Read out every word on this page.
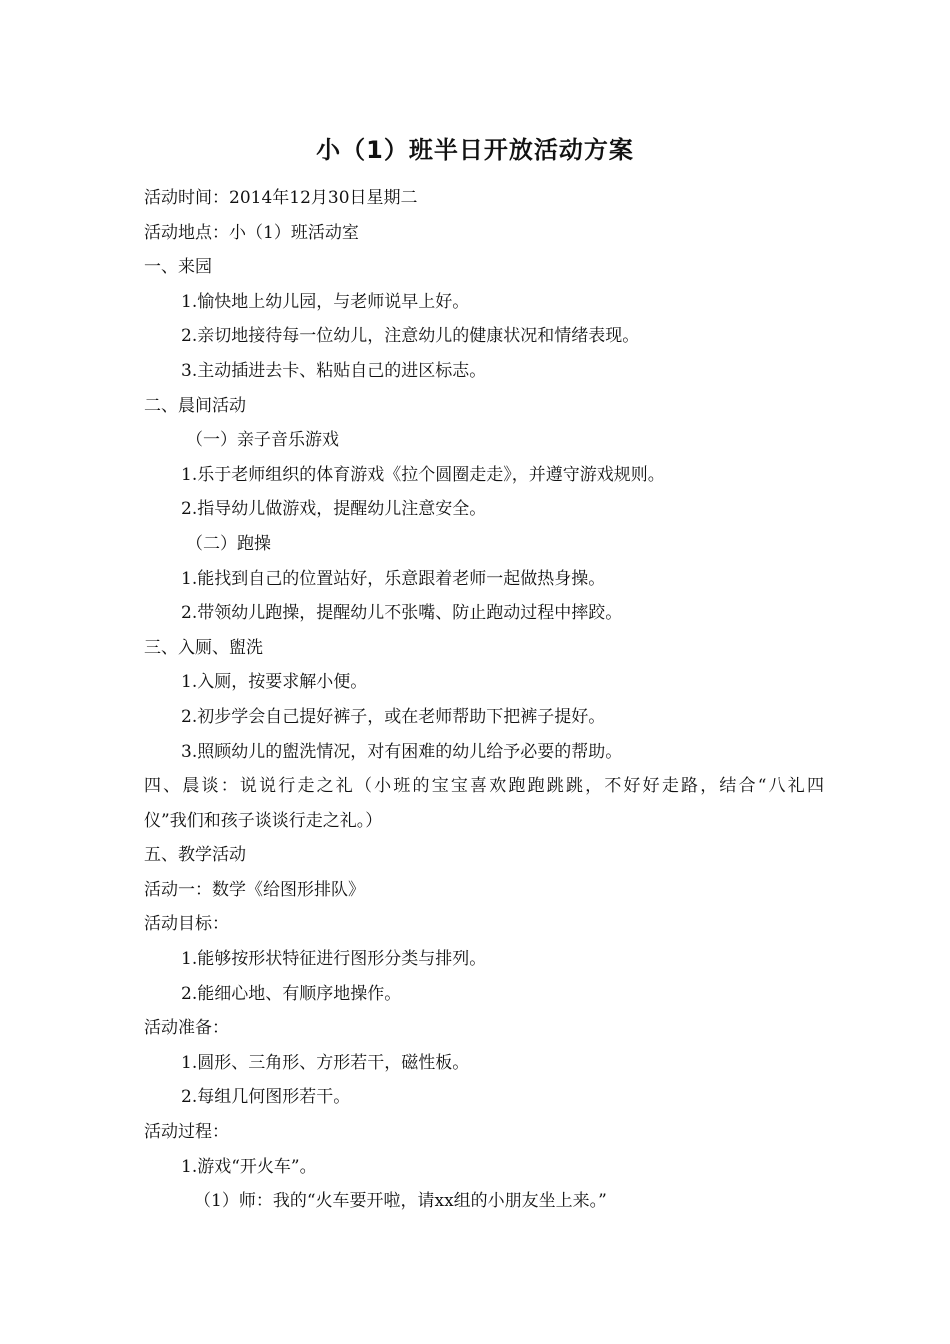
小（1）班半日开放活动方案
活动时间：2014年12月30日星期二
活动地点：小（1）班活动室
一、来园
1.愉快地上幼儿园，与老师说早上好。
2.亲切地接待每一位幼儿，注意幼儿的健康状况和情绪表现。
3.主动插进去卡、粘贴自己的进区标志。
二、晨间活动
（一）亲子音乐游戏
1.乐于老师组织的体育游戏《拉个圆圈走走》，并遵守游戏规则。
2.指导幼儿做游戏，提醒幼儿注意安全。
（二）跑操
1.能找到自己的位置站好，乐意跟着老师一起做热身操。
2.带领幼儿跑操，提醒幼儿不张嘴、防止跑动过程中摔跤。
三、入厕、盥洗
1.入厕，按要求解小便。
2.初步学会自己提好裤子，或在老师帮助下把裤子提好。
3.照顾幼儿的盥洗情况，对有困难的幼儿给予必要的帮助。
四、晨谈：说说行走之礼（小班的宝宝喜欢跑跑跳跳，不好好走路，结合“八礼四
仪”我们和孩子谈谈行走之礼。）
五、教学活动
活动一：数学《给图形排队》
活动目标：
1.能够按形状特征进行图形分类与排列。
2.能细心地、有顺序地操作。
活动准备：
1.圆形、三角形、方形若干，磁性板。
2.每组几何图形若干。
活动过程：
1.游戏“开火车”。
（1）师：我的“火车要开啦，请xx组的小朋友坐上来。”
